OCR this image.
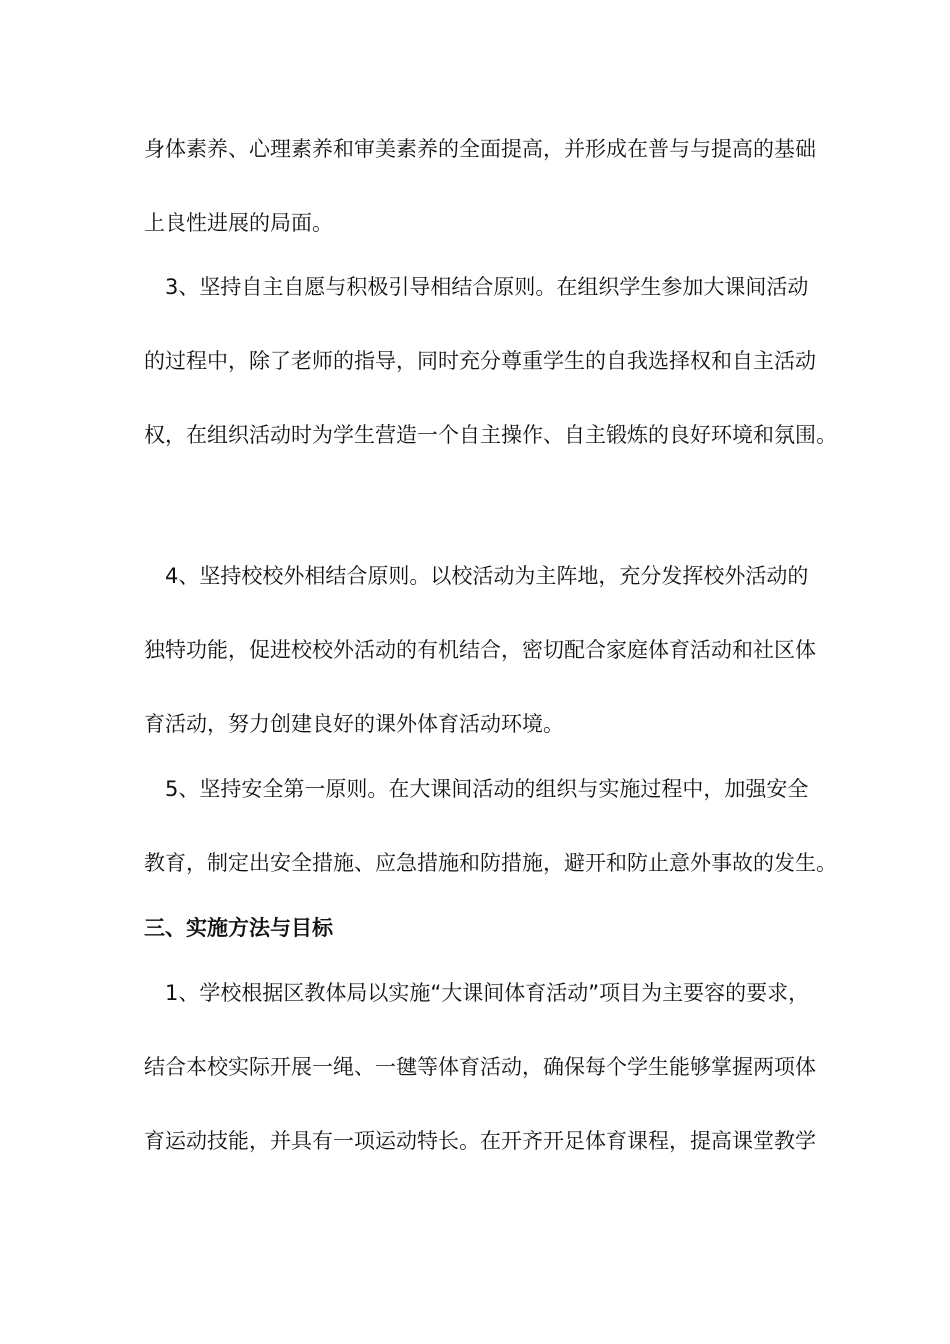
身体素养、心理素养和审美素养的全面提高，并形成在普与与提高的基础
上良性进展的局面。
　3、坚持自主自愿与积极引导相结合原则。在组织学生参加大课间活动
的过程中，除了老师的指导，同时充分尊重学生的自我选择权和自主活动
权，在组织活动时为学生营造一个自主操作、自主锻炼的良好环境和氛围。
　4、坚持校校外相结合原则。以校活动为主阵地，充分发挥校外活动的
独特功能，促进校校外活动的有机结合，密切配合家庭体育活动和社区体
育活动，努力创建良好的课外体育活动环境。
　5、坚持安全第一原则。在大课间活动的组织与实施过程中，加强安全
教育，制定出安全措施、应急措施和防措施，避开和防止意外事故的发生。
三、实施方法与目标
　1、学校根据区教体局以实施“大课间体育活动”项目为主要容的要求，
结合本校实际开展一绳、一毽等体育活动，确保每个学生能够掌握两项体
育运动技能，并具有一项运动特长。在开齐开足体育课程，提高课堂教学
